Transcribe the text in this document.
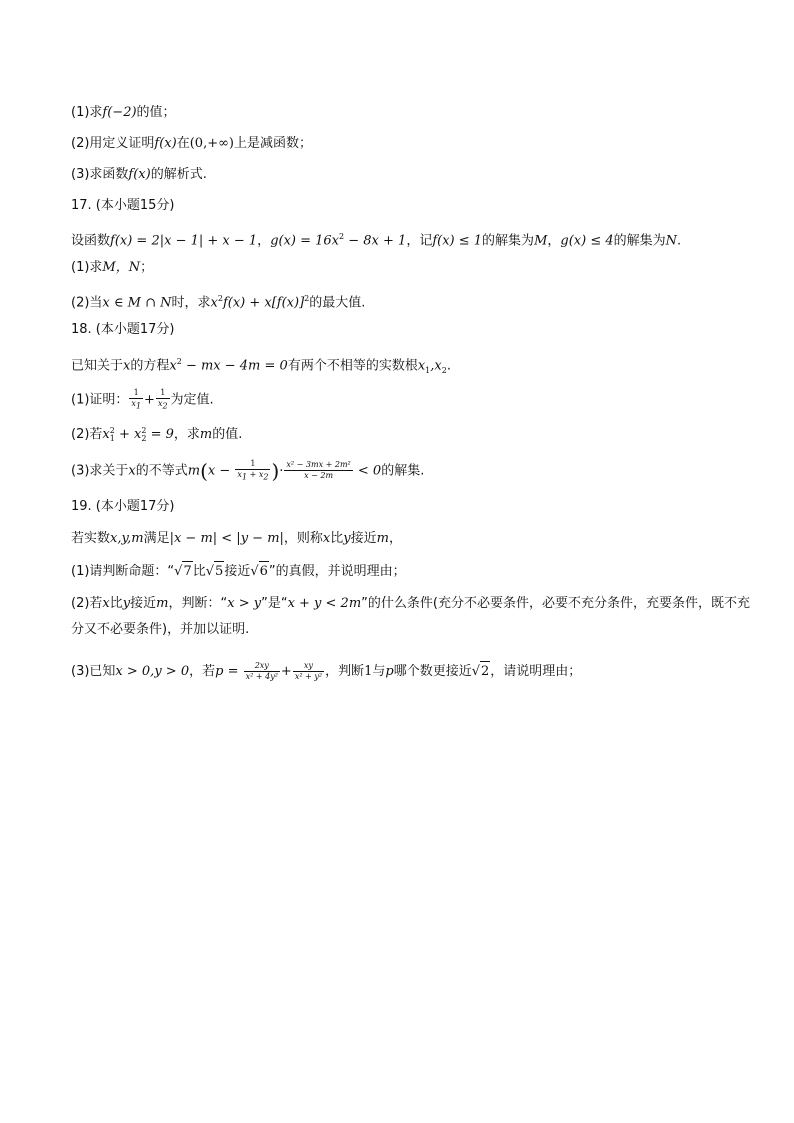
(1)求f(−2)的值；
(2)用定义证明f(x)在(0,+∞)上是减函数；
(3)求函数f(x)的解析式.
17. (本小题15分)
设函数f(x) = 2|x − 1| + x − 1，$g(x) = 16x^2 - 8x + 1$，记f(x) ≤ 1的解集为M，g(x) ≤ 4的解集为N.
(1)求M，N；
(2)当x ∈ M ∩ N时，求$x^2f(x) + x[f(x)]^2$的最大值.
18. (本小题17分)
已知关于x的方程$x^2$ − mx − 4m = 0有两个不相等的实数根$x_1,x_2$.
(1)证明： $\frac{1}{x_1} + \frac{1}{x_2}$ 为定值.
(2)若x 2
1 + x 2
2 = 9，求m的值.
(3)求关于x的不等式$m(x - \frac{1}{x_1 + x_2}$ )· $\frac{\text{x² − 3mx + 2m²}}{x - 2m} < 0$的解集.
19. (本小题17分)
若实数x,y,m满足|x − m| < |y − m|，则称x比y接近m，
(1)请判断命题：“√7比√5接近√6”的真假，并说明理由；
(2)若x比y接近m，判断：“x > y”是“x + y < 2m”的什么条件(充分不必要条件，必要不充分条件，充要条件，既不充分又不必要条件)，并加以证明.
(3)已知x > 0,y > 0，若$p = \frac{2xy}{\text{x² + 4y²}} + \frac{xy}{\text{x² + y²}}$ ，判断1与p哪个数更接近√2，请说明理由；
